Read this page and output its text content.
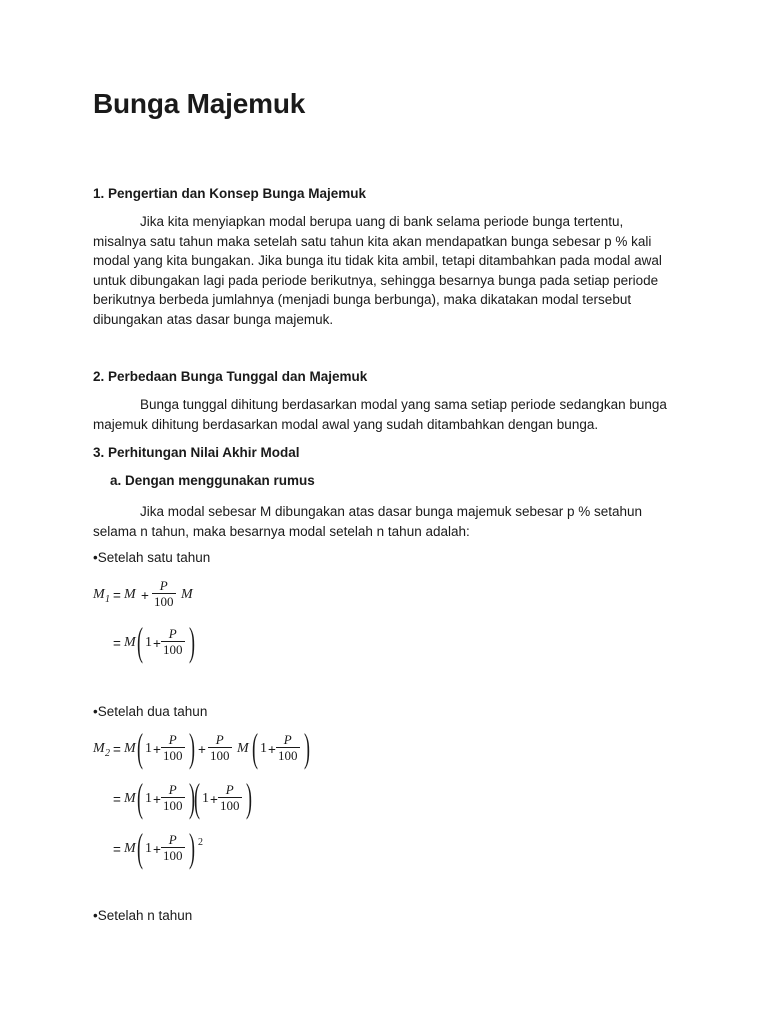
Bunga Majemuk
1. Pengertian dan Konsep Bunga Majemuk
Jika kita menyiapkan modal berupa uang di bank selama periode bunga tertentu, misalnya satu tahun maka setelah satu tahun kita akan mendapatkan bunga sebesar p % kali modal yang kita bungakan. Jika bunga itu tidak kita ambil, tetapi ditambahkan pada modal awal untuk dibungakan lagi pada periode berikutnya, sehingga besarnya bunga pada setiap periode berikutnya berbeda jumlahnya (menjadi bunga berbunga), maka dikatakan modal tersebut dibungakan atas dasar bunga majemuk.
2. Perbedaan Bunga Tunggal dan Majemuk
Bunga tunggal dihitung berdasarkan modal yang sama setiap periode sedangkan bunga majemuk dihitung berdasarkan modal awal yang sudah ditambahkan dengan bunga.
3. Perhitungan Nilai Akhir Modal
a. Dengan menggunakan rumus
Jika modal sebesar M dibungakan atas dasar bunga majemuk sebesar p % setahun selama n tahun, maka besarnya modal setelah n tahun adalah:
•Setelah satu tahun
M 1 = M +
P
100 M
= M ( 1 +
P
100 )
•Setelah dua tahun
M 2 = M ( 1 +
P
100 ) +
P
100 M ( 1 +
P
100 )
= M ( 1 +
P
100 ) ( 1 +
P
100 )
= M ( 1 +
P
100 ) 2
•Setelah n tahun
